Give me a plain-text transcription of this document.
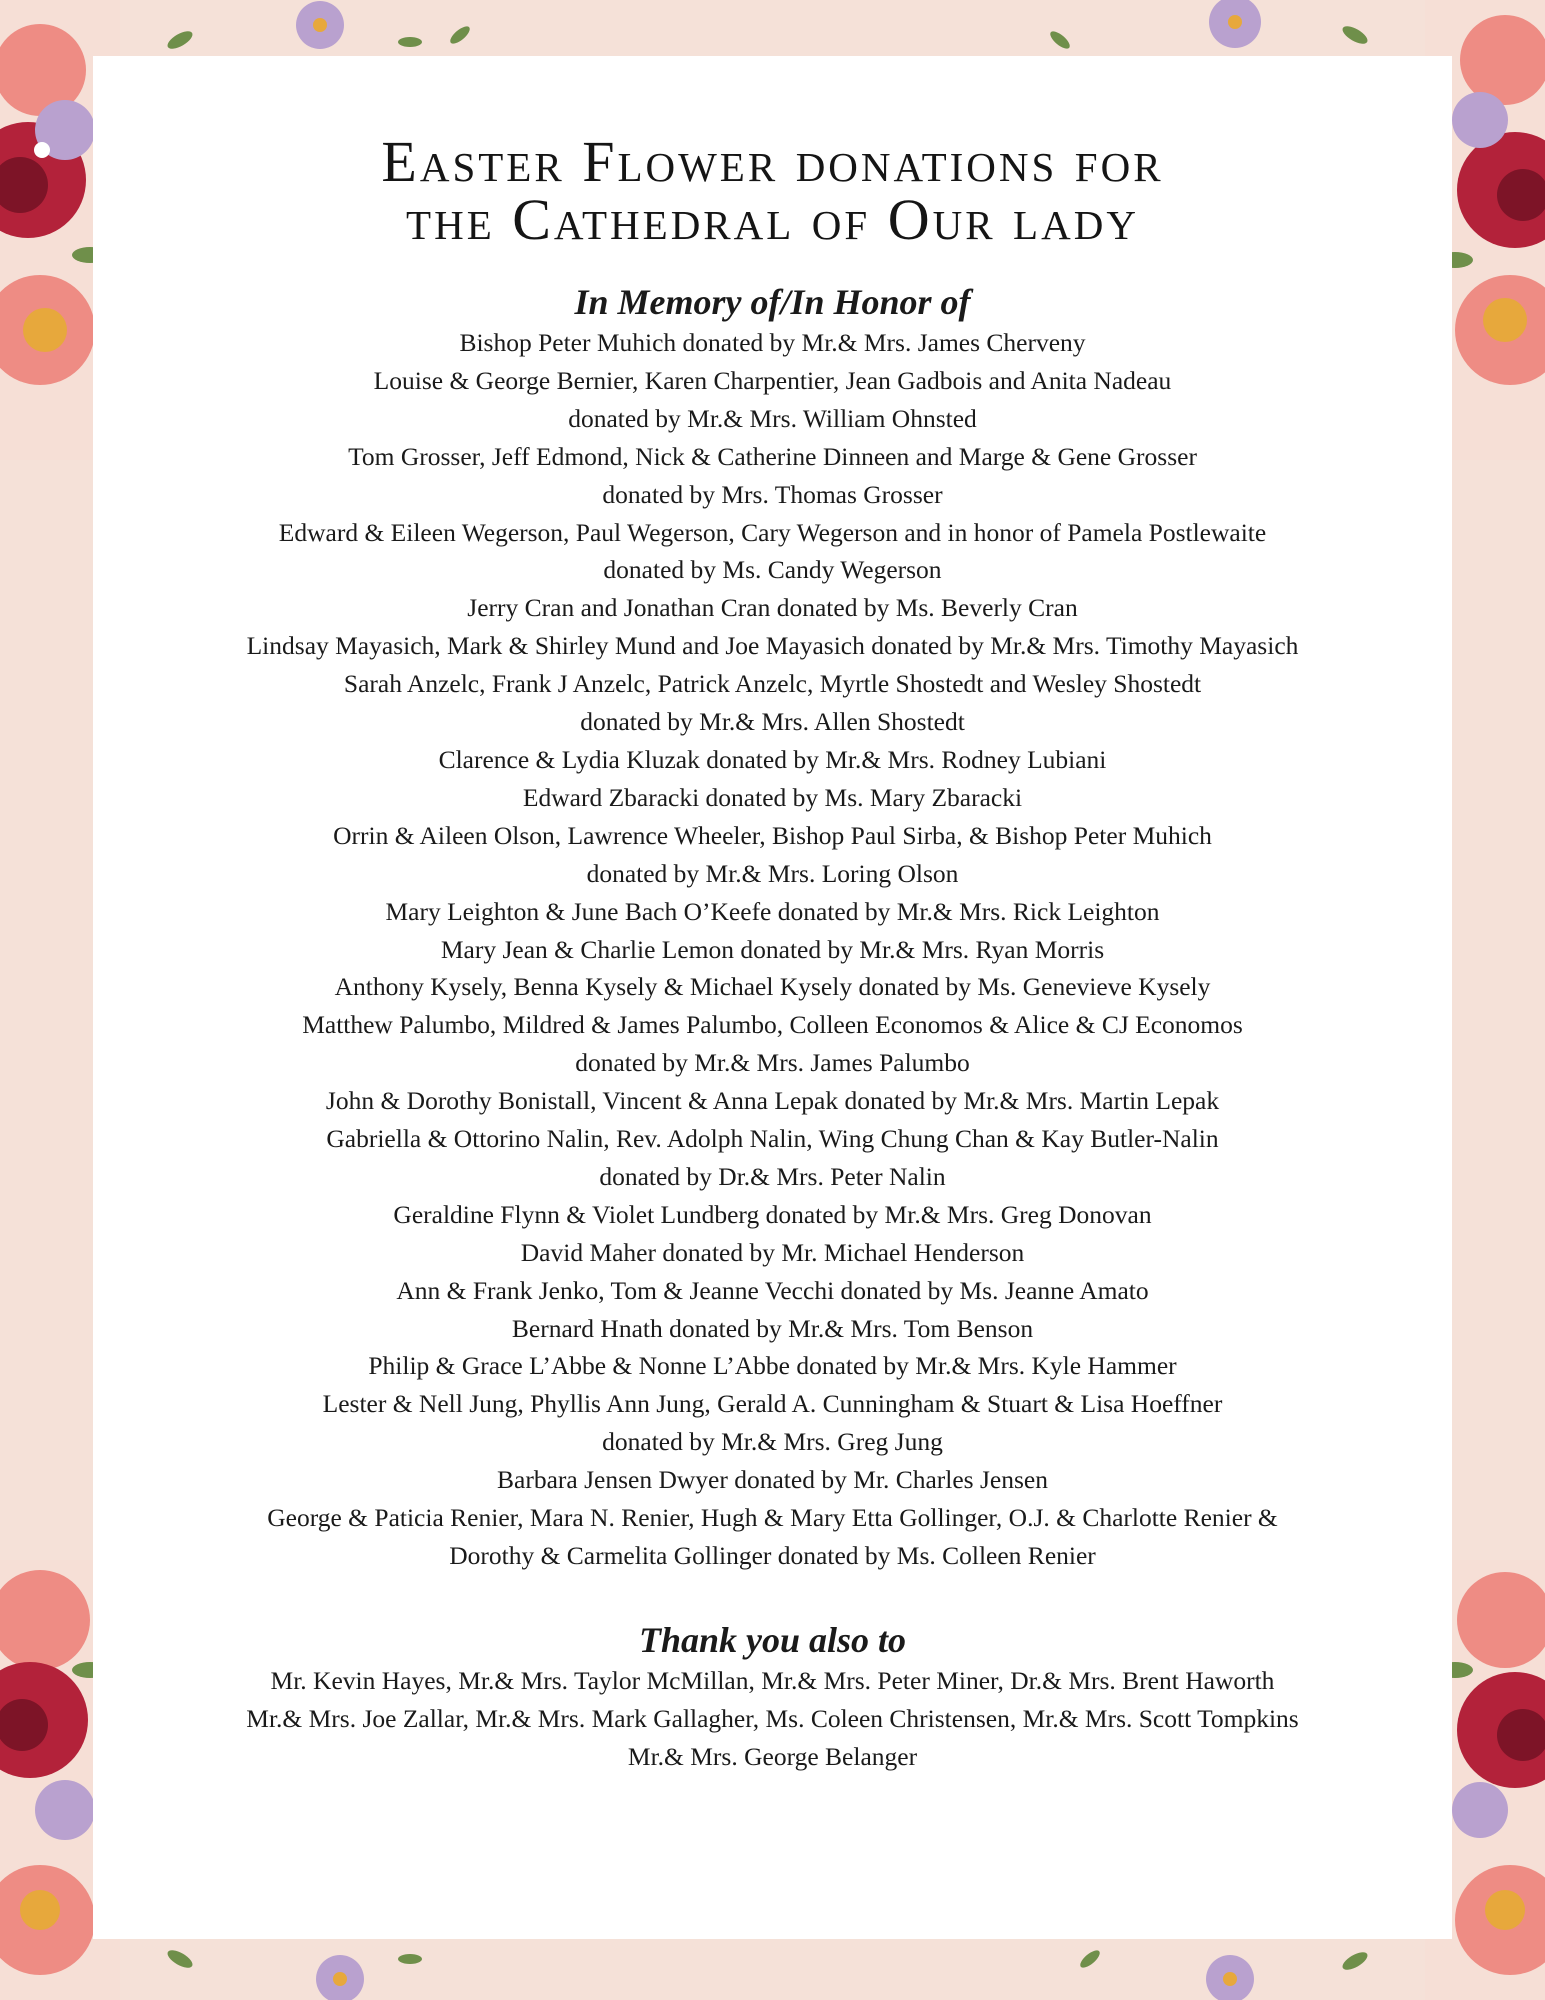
Easter Flower donations for
the Cathedral of Our lady
In Memory of/In Honor of
Bishop Peter Muhich donated by Mr.& Mrs. James Cherveny
Louise & George Bernier, Karen Charpentier, Jean Gadbois and Anita Nadeau
donated by Mr.& Mrs. William Ohnsted
Tom Grosser, Jeff Edmond, Nick & Catherine Dinneen and Marge & Gene Grosser
donated by Mrs. Thomas Grosser
Edward & Eileen Wegerson, Paul Wegerson, Cary Wegerson and in honor of Pamela Postlewaite
donated by Ms. Candy Wegerson
Jerry Cran and Jonathan Cran donated by Ms. Beverly Cran
Lindsay Mayasich, Mark & Shirley Mund and Joe Mayasich donated by Mr.& Mrs. Timothy Mayasich
Sarah Anzelc, Frank J Anzelc, Patrick Anzelc, Myrtle Shostedt and Wesley Shostedt
donated by Mr.& Mrs. Allen Shostedt
Clarence & Lydia Kluzak donated by Mr.& Mrs. Rodney Lubiani
Edward Zbaracki donated by Ms. Mary Zbaracki
Orrin & Aileen Olson, Lawrence Wheeler, Bishop Paul Sirba, & Bishop Peter Muhich
donated by Mr.& Mrs. Loring Olson
Mary Leighton & June Bach O’Keefe donated by Mr.& Mrs. Rick Leighton
Mary Jean & Charlie Lemon donated by Mr.& Mrs. Ryan Morris
Anthony Kysely, Benna Kysely & Michael Kysely donated by Ms. Genevieve Kysely
Matthew Palumbo, Mildred & James Palumbo, Colleen Economos & Alice & CJ Economos
donated by Mr.& Mrs. James Palumbo
John & Dorothy Bonistall, Vincent & Anna Lepak donated by Mr.& Mrs. Martin Lepak
Gabriella & Ottorino Nalin, Rev. Adolph Nalin, Wing Chung Chan & Kay Butler-Nalin
donated by Dr.& Mrs. Peter Nalin
Geraldine Flynn & Violet Lundberg donated by Mr.& Mrs. Greg Donovan
David Maher donated by Mr. Michael Henderson
Ann & Frank Jenko, Tom & Jeanne Vecchi donated by Ms. Jeanne Amato
Bernard Hnath donated by Mr.& Mrs. Tom Benson
Philip & Grace L’Abbe & Nonne L’Abbe donated by Mr.& Mrs. Kyle Hammer
Lester & Nell Jung, Phyllis Ann Jung, Gerald A. Cunningham & Stuart & Lisa Hoeffner
donated by Mr.& Mrs. Greg Jung
Barbara Jensen Dwyer donated by Mr. Charles Jensen
George & Paticia Renier, Mara N. Renier, Hugh & Mary Etta Gollinger, O.J. & Charlotte Renier &
Dorothy & Carmelita Gollinger donated by Ms. Colleen Renier
Thank you also to
Mr. Kevin Hayes, Mr.& Mrs. Taylor McMillan, Mr.& Mrs. Peter Miner, Dr.& Mrs. Brent Haworth
Mr.& Mrs. Joe Zallar, Mr.& Mrs. Mark Gallagher, Ms. Coleen Christensen, Mr.& Mrs. Scott Tompkins
Mr.& Mrs. George Belanger
